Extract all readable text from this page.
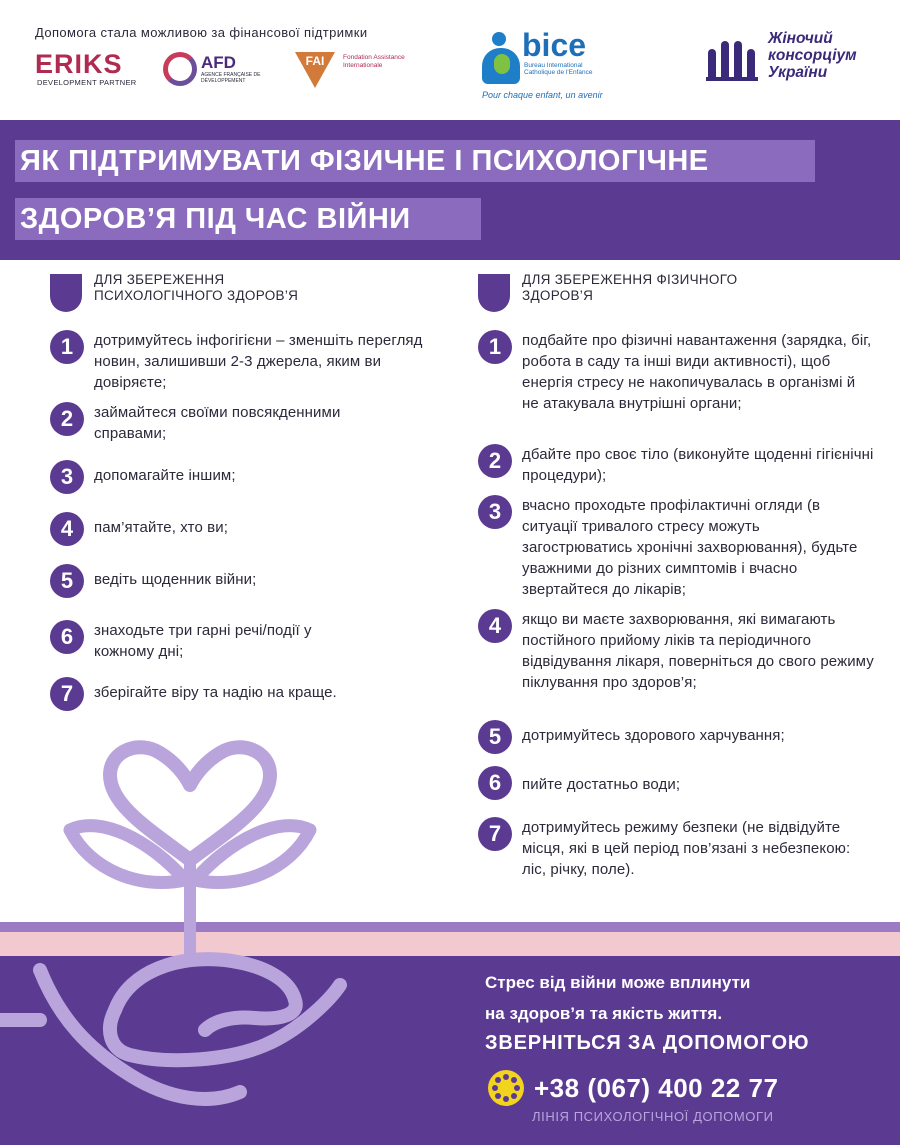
Допомога стала можливою за фінансової підтримки
ERIKS
DEVELOPMENT PARTNER
AFD
AGENCE FRANÇAISE DE DÉVELOPPEMENT
Fondation Assistance Internationale
FAI	bice
Bureau International Catholique de l'Enfance
Pour chaque enfant, un avenir
Жіночий
консорціум
України
ЯК ПІДТРИМУВАТИ ФІЗИЧНЕ І ПСИХОЛОГІЧНЕ
ЗДОРОВ’Я ПІД ЧАС ВІЙНИ
ДЛЯ ЗБЕРЕЖЕННЯ ПСИХОЛОГІЧНОГО ЗДОРОВ’Я
1	дотримуйтесь інфогігієни – зменшіть перегляд новин, залишивши 2-3 джерела, яким ви довіряєте;
2	займайтеся своїми повсякденними справами;
3	допомагайте іншим;
4	пам’ятайте, хто ви;
5	ведіть щоденник війни;
6	знаходьте три гарні речі/події у кожному дні;
7	зберігайте віру та надію на краще.
ДЛЯ ЗБЕРЕЖЕННЯ ФІЗИЧНОГО ЗДОРОВ’Я
1	подбайте про фізичні навантаження (зарядка, біг, робота в саду та інші види активності), щоб енергія стресу не накопичувалась в організмі й не атакувала внутрішні органи;
2	дбайте про своє тіло (виконуйте щоденні гігієнічні процедури);
3	вчасно проходьте профілактичні огляди (в ситуації тривалого стресу можуть загострюватись хронічні захворювання), будьте уважними до різних симптомів і вчасно звертайтеся до лікарів;
4	якщо ви маєте захворювання, які вимагають постійного прийому ліків та періодичного відвідування лікаря, поверніться до свого режиму піклування про здоров’я;
5	дотримуйтесь здорового харчування;
6	пийте достатньо води;
7	дотримуйтесь режиму безпеки (не відвідуйте місця, які в цей період пов’язані з небезпекою: ліс, річку, поле).
Стрес від війни може вплинути
на здоров’я та якість життя.
ЗВЕРНІТЬСЯ ЗА ДОПОМОГОЮ
+38 (067) 400 22 77
ЛІНІЯ ПСИХОЛОГІЧНОЇ ДОПОМОГИ
